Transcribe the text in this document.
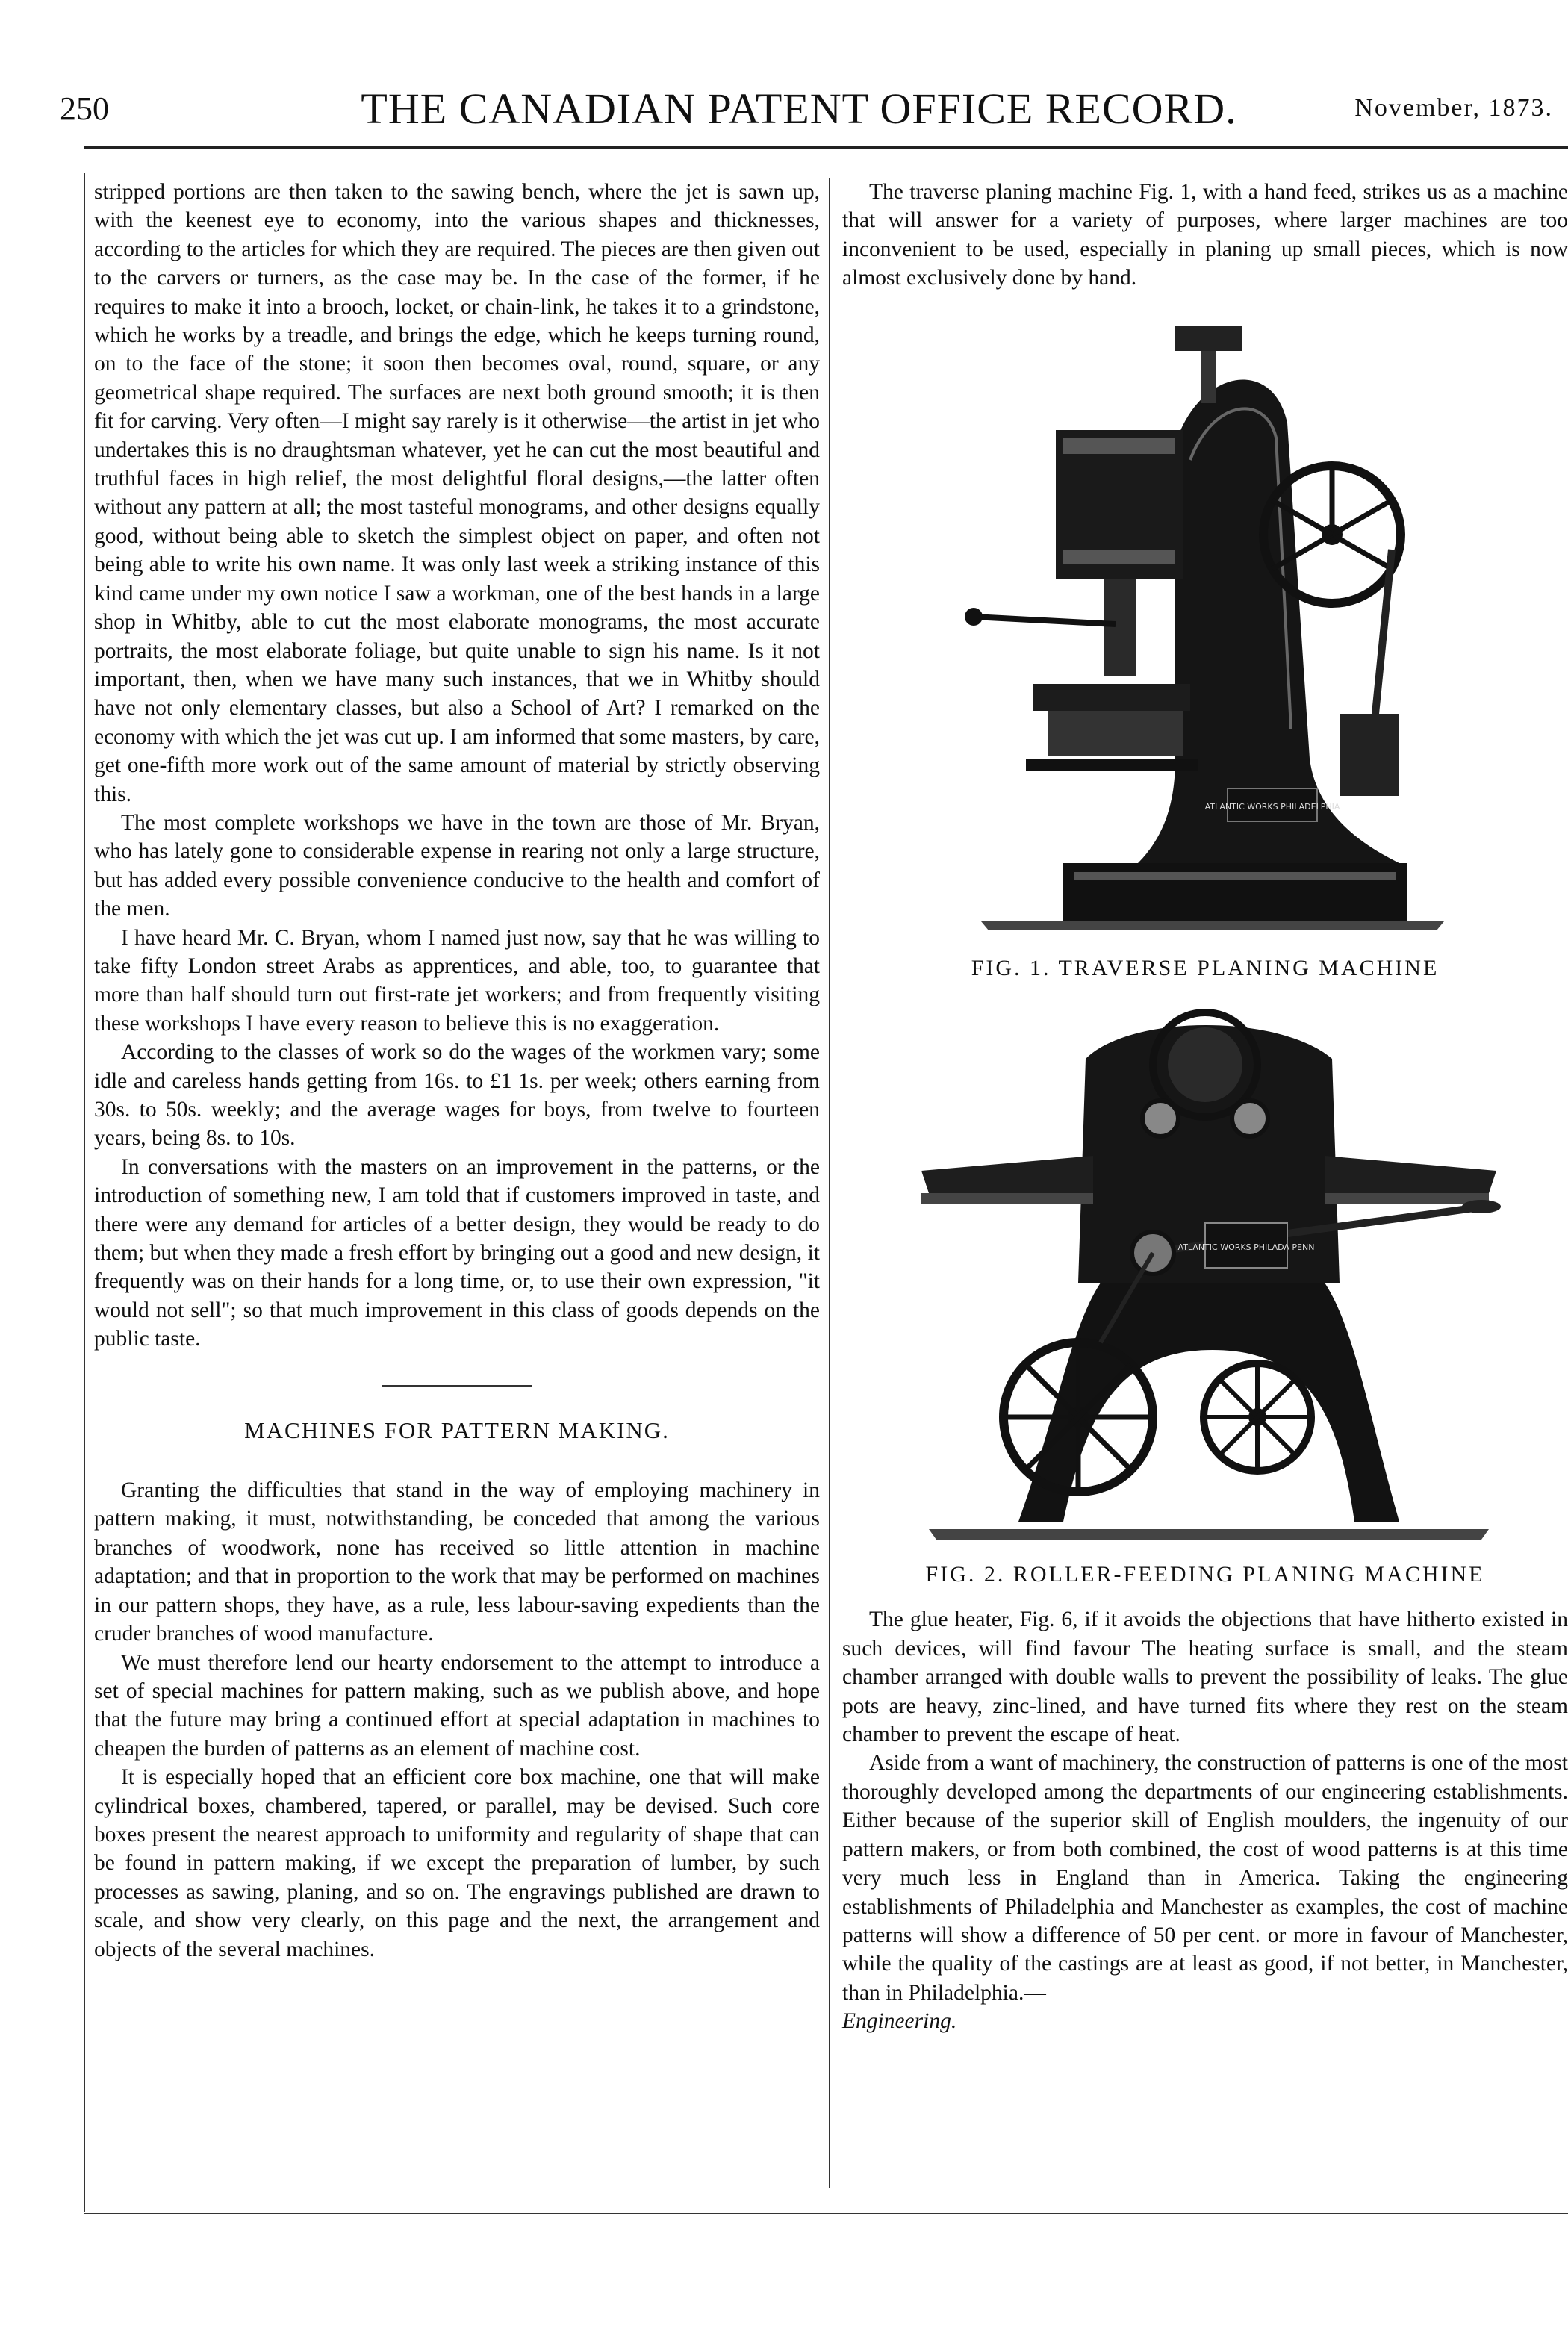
250	THE CANADIAN PATENT OFFICE RECORD.	November, 1873.

stripped portions are then taken to the sawing bench, where the jet is sawn up, with the keenest eye to economy, into the various shapes and thicknesses, according to the articles for which they are required. The pieces are then given out to the carvers or turners, as the case may be. In the case of the former, if he requires to make it into a brooch, locket, or chain-link, he takes it to a grindstone, which he works by a treadle, and brings the edge, which he keeps turning round, on to the face of the stone; it soon then becomes oval, round, square, or any geometrical shape required. The surfaces are next both ground smooth; it is then fit for carving. Very often—I might say rarely is it otherwise—the artist in jet who undertakes this is no draughtsman whatever, yet he can cut the most beautiful and truthful faces in high relief, the most delightful floral designs,—the latter often without any pattern at all; the most tasteful monograms, and other designs equally good, without being able to sketch the simplest object on paper, and often not being able to write his own name. It was only last week a striking instance of this kind came under my own notice I saw a workman, one of the best hands in a large shop in Whitby, able to cut the most elaborate monograms, the most accurate portraits, the most elaborate foliage, but quite unable to sign his name. Is it not important, then, when we have many such instances, that we in Whitby should have not only elementary classes, but also a School of Art? I remarked on the economy with which the jet was cut up. I am informed that some masters, by care, get one-fifth more work out of the same amount of material by strictly observing this.

The most complete workshops we have in the town are those of Mr. Bryan, who has lately gone to considerable expense in rearing not only a large structure, but has added every possible convenience conducive to the health and comfort of the men.

I have heard Mr. C. Bryan, whom I named just now, say that he was willing to take fifty London street Arabs as apprentices, and able, too, to guarantee that more than half should turn out first-rate jet workers; and from frequently visiting these workshops I have every reason to believe this is no exaggeration.

According to the classes of work so do the wages of the workmen vary; some idle and careless hands getting from 16s. to £1 1s. per week; others earning from 30s. to 50s. weekly; and the average wages for boys, from twelve to fourteen years, being 8s. to 10s.

In conversations with the masters on an improvement in the patterns, or the introduction of something new, I am told that if customers improved in taste, and there were any demand for articles of a better design, they would be ready to do them; but when they made a fresh effort by bringing out a good and new design, it frequently was on their hands for a long time, or, to use their own expression, "it would not sell"; so that much improvement in this class of goods depends on the public taste.

MACHINES FOR PATTERN MAKING.

Granting the difficulties that stand in the way of employing machinery in pattern making, it must, notwithstanding, be conceded that among the various branches of woodwork, none has received so little attention in machine adaptation; and that in proportion to the work that may be performed on machines in our pattern shops, they have, as a rule, less labour-saving expedients than the cruder branches of wood manufacture.

We must therefore lend our hearty endorsement to the attempt to introduce a set of special machines for pattern making, such as we publish above, and hope that the future may bring a continued effort at special adaptation in machines to cheapen the burden of patterns as an element of machine cost.

It is especially hoped that an efficient core box machine, one that will make cylindrical boxes, chambered, tapered, or parallel, may be devised. Such core boxes present the nearest approach to uniformity and regularity of shape that can be found in pattern making, if we except the preparation of lumber, by such processes as sawing, planing, and so on. The engravings published are drawn to scale, and show very clearly, on this page and the next, the arrangement and objects of the several machines.

The traverse planing machine Fig. 1, with a hand feed, strikes us as a machine that will answer for a variety of purposes, where larger machines are too inconvenient to be used, especially in planing up small pieces, which is now almost exclusively done by hand.

ATLANTIC WORKS PHILADELPHIA
FIG. 1. TRAVERSE PLANING MACHINE
ATLANTIC WORKS PHILADA PENN
FIG. 2. ROLLER-FEEDING PLANING MACHINE

The glue heater, Fig. 6, if it avoids the objections that have hitherto existed in such devices, will find favour The heating surface is small, and the steam chamber arranged with double walls to prevent the possibility of leaks. The glue pots are heavy, zinc-lined, and have turned fits where they rest on the steam chamber to prevent the escape of heat.

Aside from a want of machinery, the construction of patterns is one of the most thoroughly developed among the departments of our engineering establishments. Either because of the superior skill of English moulders, the ingenuity of our pattern makers, or from both combined, the cost of wood patterns is at this time very much less in England than in America. Taking the engineering establishments of Philadelphia and Manchester as examples, the cost of machine patterns will show a difference of 50 per cent. or more in favour of Manchester, while the quality of the castings are at least as good, if not better, in Manchester, than in Philadelphia.—

Engineering.
